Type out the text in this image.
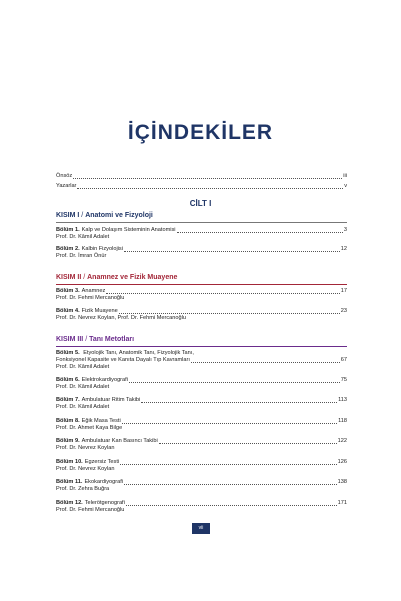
İÇİNDEKİLER
Önsöz	iii
Yazarlar	v
CİLT I
KISIM I / Anatomi ve Fizyoloji
Bölüm 1. Kalp ve Dolaşım Sisteminin Anatomisi	3
Prof. Dr. Kâmil Adalet
Bölüm 2. Kalbin Fizyolojisi	12
Prof. Dr. İmran Önür
KISIM II / Anamnez ve Fizik Muayene
Bölüm 3. Anamnez	17
Prof. Dr. Fehmi Mercanoğlu
Bölüm 4. Fizik Muayene	23
Prof. Dr. Nevrez Koylan, Prof. Dr. Fehmi Mercanoğlu
KISIM III / Tanı Metotları
Bölüm 5. Etyolojik Tanı, Anatomik Tanı, Fizyolojik Tanı,
Fonksiyonel Kapasite ve Kanıta Dayalı Tıp Kavramları	67
Prof. Dr. Kâmil Adalet
Bölüm 6. Elektrokardiyografi	75
Prof. Dr. Kâmil Adalet
Bölüm 7. Ambulatuar Ritim Takibi	113
Prof. Dr. Kâmil Adalet
Bölüm 8. Eğik Masa Testi	118
Prof. Dr. Ahmet Kaya Bilge
Bölüm 9. Ambulatuar Kan Basıncı Takibi	122
Prof. Dr. Nevrez Koylan
Bölüm 10. Egzersiz Testi	126
Prof. Dr. Nevrez Koylan
Bölüm 11. Ekokardiyografi	138
Prof. Dr. Zehra Buğra
Bölüm 12. Telerötgenografi	171
Prof. Dr. Fehmi Mercanoğlu
vii
